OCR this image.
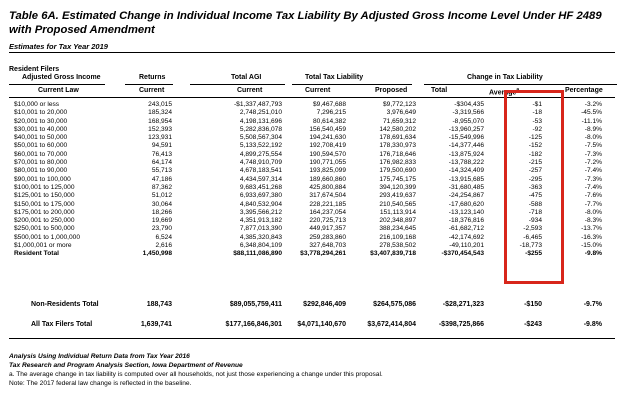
Table 6A. Estimated Change in Individual Income Tax Liability By Adjusted Gross Income Level Under HF 2489 with Proposed Amendment
Estimates for Tax Year 2019
Resident Filers
Adjusted Gross Income	Returns	Total AGI	Total Tax Liability	Change in Tax Liability
Current Law	Current	Current	Current	Proposed	Total	Average$^a$	Percentage
$10,000 or less	243,015	-$1,337,487,793	$9,467,688	$9,772,123	-$304,435	-$1	-3.2%	
$10,001 to 20,000	185,324	2,748,251,010	7,296,215	3,976,649	-3,319,566	-18	-45.5%	
$20,001 to 30,000	168,954	4,198,131,696	80,614,382	71,659,312	-8,955,070	-53	-11.1%	
$30,001 to 40,000	152,393	5,282,836,078	156,540,459	142,580,202	-13,960,257	-92	-8.9%	
$40,001 to 50,000	123,931	5,508,567,304	194,241,630	178,691,634	-15,549,996	-125	-8.0%	
$50,001 to 60,000	94,591	5,133,522,192	192,708,419	178,330,973	-14,377,446	-152	-7.5%	
$60,001 to 70,000	76,413	4,899,275,554	190,594,570	176,718,646	-13,875,924	-182	-7.3%	
$70,001 to 80,000	64,174	4,748,910,709	190,771,055	176,982,833	-13,788,222	-215	-7.2%	
$80,001 to 90,000	55,713	4,678,183,541	193,825,099	179,500,690	-14,324,409	-257	-7.4%	
$90,001 to 100,000	47,186	4,434,597,314	189,660,860	175,745,175	-13,915,685	-295	-7.3%	
$100,001 to 125,000	87,362	9,683,451,268	425,800,884	394,120,399	-31,680,485	-363	-7.4%	
$125,001 to 150,000	51,012	6,933,697,380	317,674,504	293,419,637	-24,254,867	-475	-7.6%	
$150,001 to 175,000	30,064	4,840,532,904	228,221,185	210,540,565	-17,680,620	-588	-7.7%	
$175,001 to 200,000	18,266	3,395,566,212	164,237,054	151,113,914	-13,123,140	-718	-8.0%	
$200,001 to 250,000	19,669	4,351,913,182	220,725,713	202,348,897	-18,376,816	-934	-8.3%	
$250,001 to 500,000	23,790	7,877,013,390	449,917,357	388,234,645	-61,682,712	-2,593	-13.7%	
$500,001 to 1,000,000	6,524	4,385,320,843	259,283,860	216,109,168	-42,174,692	-6,465	-16.3%	
$1,000,001 or more	2,616	6,348,804,109	327,648,703	278,538,502	-49,110,201	-18,773	-15.0%	
Resident Total	1,450,998	$88,111,086,890	$3,778,294,261	$3,407,839,718	-$370,454,543	-$255	-9.8%	
Non-Residents Total	188,743	$89,055,759,411	$292,846,409	$264,575,086	-$28,271,323	-$150	-9.7%
All Tax Filers Total	1,639,741	$177,166,846,301 $4,071,140,670	$3,672,414,804	-$398,725,866	-$243	-9.8%
Analysis Using Individual Return Data from Tax Year 2016
Tax Research and Program Analysis Section, Iowa Department of Revenue
a. The average change in tax liability is computed over all households, not just those experiencing a change under this proposal.
Note: The 2017 federal law change is reflected in the baseline.
